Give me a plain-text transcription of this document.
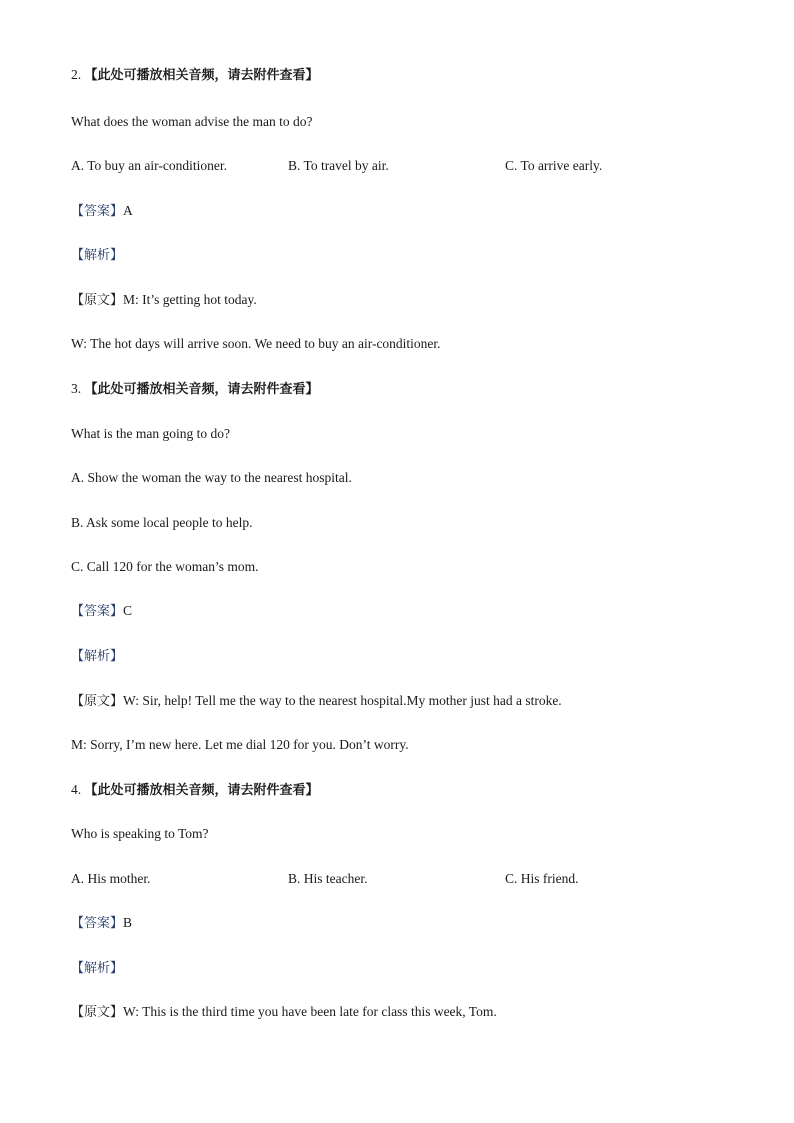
2. 【此处可播放相关音频，请去附件查看】
What does the woman advise the man to do?
A. To buy an air-conditioner.	B. To travel by air.	C. To arrive early.
【答案】A
【解析】
【原文】M: It’s getting hot today.
W: The hot days will arrive soon. We need to buy an air-conditioner.
3. 【此处可播放相关音频，请去附件查看】
What is the man going to do?
A. Show the woman the way to the nearest hospital.
B. Ask some local people to help.
C. Call 120 for the woman’s mom.
【答案】C
【解析】
【原文】W: Sir, help! Tell me the way to the nearest hospital.My mother just had a stroke.
M: Sorry, I’m new here. Let me dial 120 for you. Don’t worry.
4. 【此处可播放相关音频，请去附件查看】
Who is speaking to Tom?
A. His mother.	B. His teacher.	C. His friend.
【答案】B
【解析】
【原文】W: This is the third time you have been late for class this week, Tom.
